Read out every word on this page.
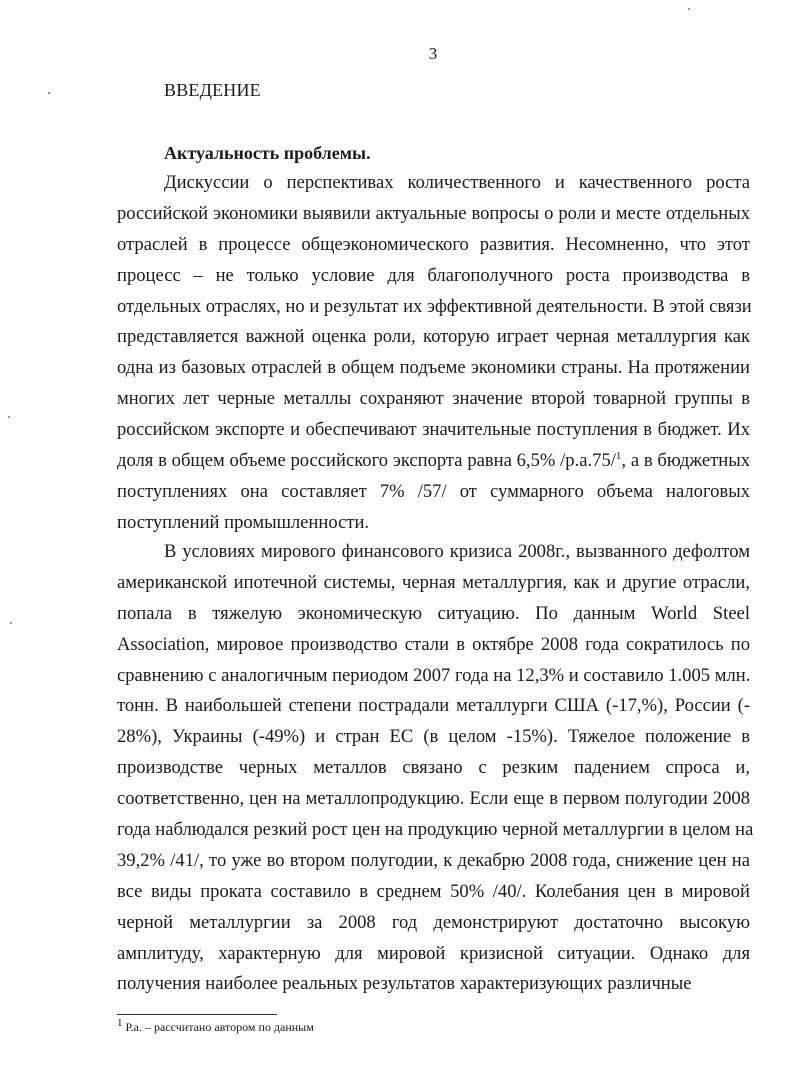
3
ВВЕДЕНИЕ
Актуальность проблемы.
Дискуссии о перспективах количественного и качественного роста
российской экономики выявили актуальные вопросы о роли и месте отдельных
отраслей в процессе общеэкономического развития. Несомненно, что этот
процесс – не только условие для благополучного роста производства в
отдельных отраслях, но и результат их эффективной деятельности. В этой связи
представляется важной оценка роли, которую играет черная металлургия как
одна из базовых отраслей в общем подъеме экономики страны. На протяжении
многих лет черные металлы сохраняют значение второй товарной группы в
российском экспорте и обеспечивают значительные поступления в бюджет. Их
доля в общем объеме российского экспорта равна 6,5% /р.а.75/$^1$, а в бюджетных
поступлениях она составляет 7% /57/ от суммарного объема налоговых
поступлений промышленности.
В условиях мирового финансового кризиса 2008г., вызванного дефолтом
американской ипотечной системы, черная металлургия, как и другие отрасли,
попала в тяжелую экономическую ситуацию. По данным World Steel
Association, мировое производство стали в октябре 2008 года сократилось по
сравнению с аналогичным периодом 2007 года на 12,3% и составило 1.005 млн.
тонн. В наибольшей степени пострадали металлурги США (-17,%), России (-
28%), Украины (-49%) и стран ЕС (в целом -15%). Тяжелое положение в
производстве черных металлов связано с резким падением спроса и,
соответственно, цен на металлопродукцию. Если еще в первом полугодии 2008
года наблюдался резкий рост цен на продукцию черной металлургии в целом на
39,2% /41/, то уже во втором полугодии, к декабрю 2008 года, снижение цен на
все виды проката составило в среднем 50% /40/. Колебания цен в мировой
черной металлургии за 2008 год демонстрируют достаточно высокую
амплитуду, характерную для мировой кризисной ситуации. Однако для
получения наиболее реальных результатов характеризующих различные
$^1$ Р.а. – рассчитано автором по данным
